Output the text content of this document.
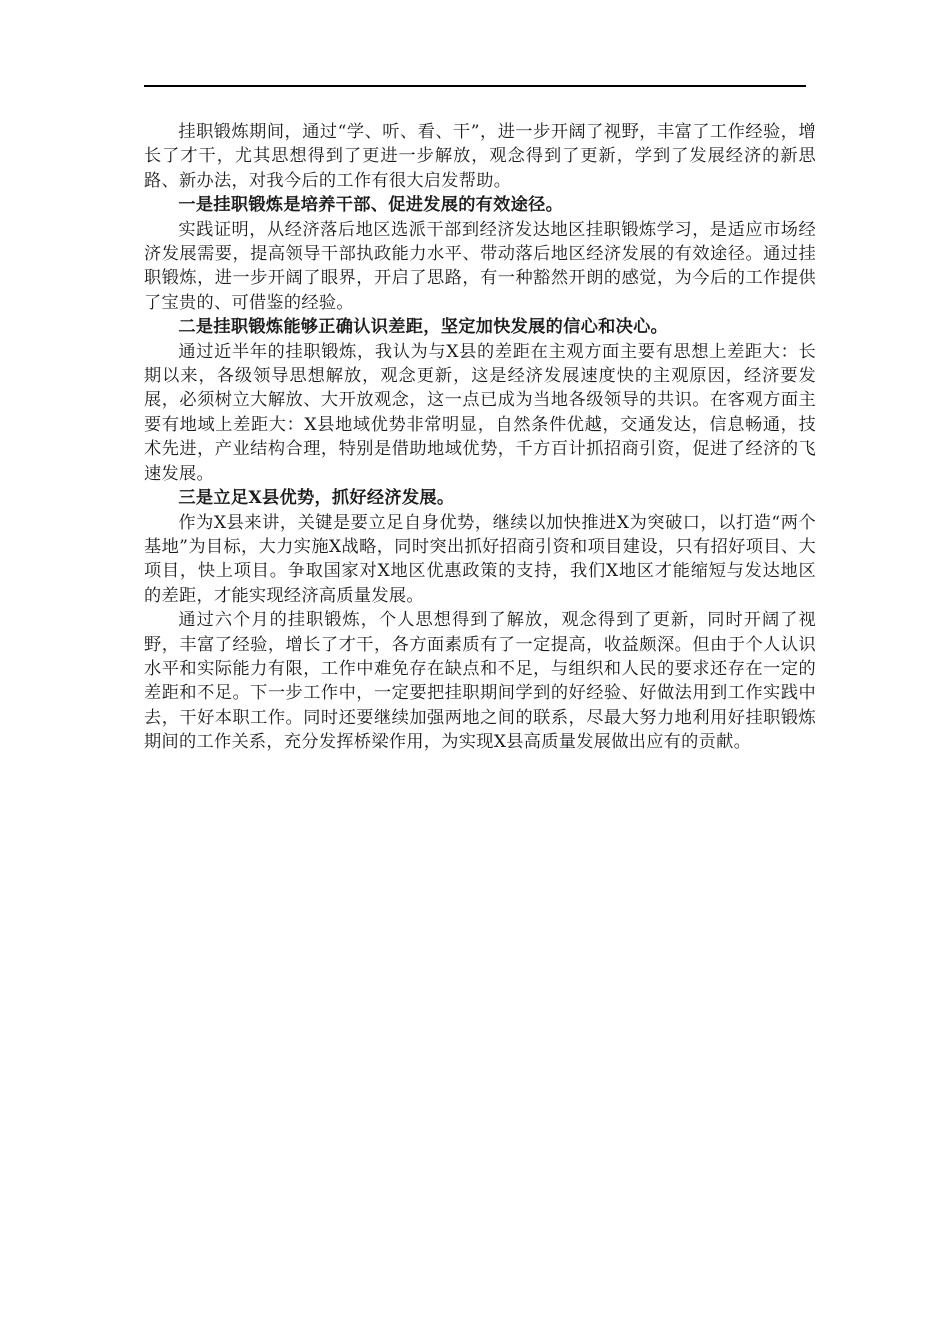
挂职锻炼期间，通过“学、听、看、干”，进一步开阔了视野，丰富了工作经验，增长了才干，尤其思想得到了更进一步解放，观念得到了更新，学到了发展经济的新思路、新办法，对我今后的工作有很大启发帮助。

一是挂职锻炼是培养干部、促进发展的有效途径。

实践证明，从经济落后地区选派干部到经济发达地区挂职锻炼学习，是适应市场经济发展需要，提高领导干部执政能力水平、带动落后地区经济发展的有效途径。通过挂职锻炼，进一步开阔了眼界，开启了思路，有一种豁然开朗的感觉，为今后的工作提供了宝贵的、可借鉴的经验。

二是挂职锻炼能够正确认识差距，坚定加快发展的信心和决心。

通过近半年的挂职锻炼，我认为与X县的差距在主观方面主要有思想上差距大：长期以来，各级领导思想解放，观念更新，这是经济发展速度快的主观原因，经济要发展，必须树立大解放、大开放观念，这一点已成为当地各级领导的共识。在客观方面主要有地域上差距大：X县地域优势非常明显，自然条件优越，交通发达，信息畅通，技术先进，产业结构合理，特别是借助地域优势，千方百计抓招商引资，促进了经济的飞速发展。

三是立足X县优势，抓好经济发展。

作为X县来讲，关键是要立足自身优势，继续以加快推进X为突破口，以打造“两个基地”为目标，大力实施X战略，同时突出抓好招商引资和项目建设，只有招好项目、大项目，快上项目。争取国家对X地区优惠政策的支持，我们X地区才能缩短与发达地区的差距，才能实现经济高质量发展。

通过六个月的挂职锻炼，个人思想得到了解放，观念得到了更新，同时开阔了视野，丰富了经验，增长了才干，各方面素质有了一定提高，收益颇深。但由于个人认识水平和实际能力有限，工作中难免存在缺点和不足，与组织和人民的要求还存在一定的差距和不足。下一步工作中，一定要把挂职期间学到的好经验、好做法用到工作实践中去，干好本职工作。同时还要继续加强两地之间的联系，尽最大努力地利用好挂职锻炼期间的工作关系，充分发挥桥梁作用，为实现X县高质量发展做出应有的贡献。
